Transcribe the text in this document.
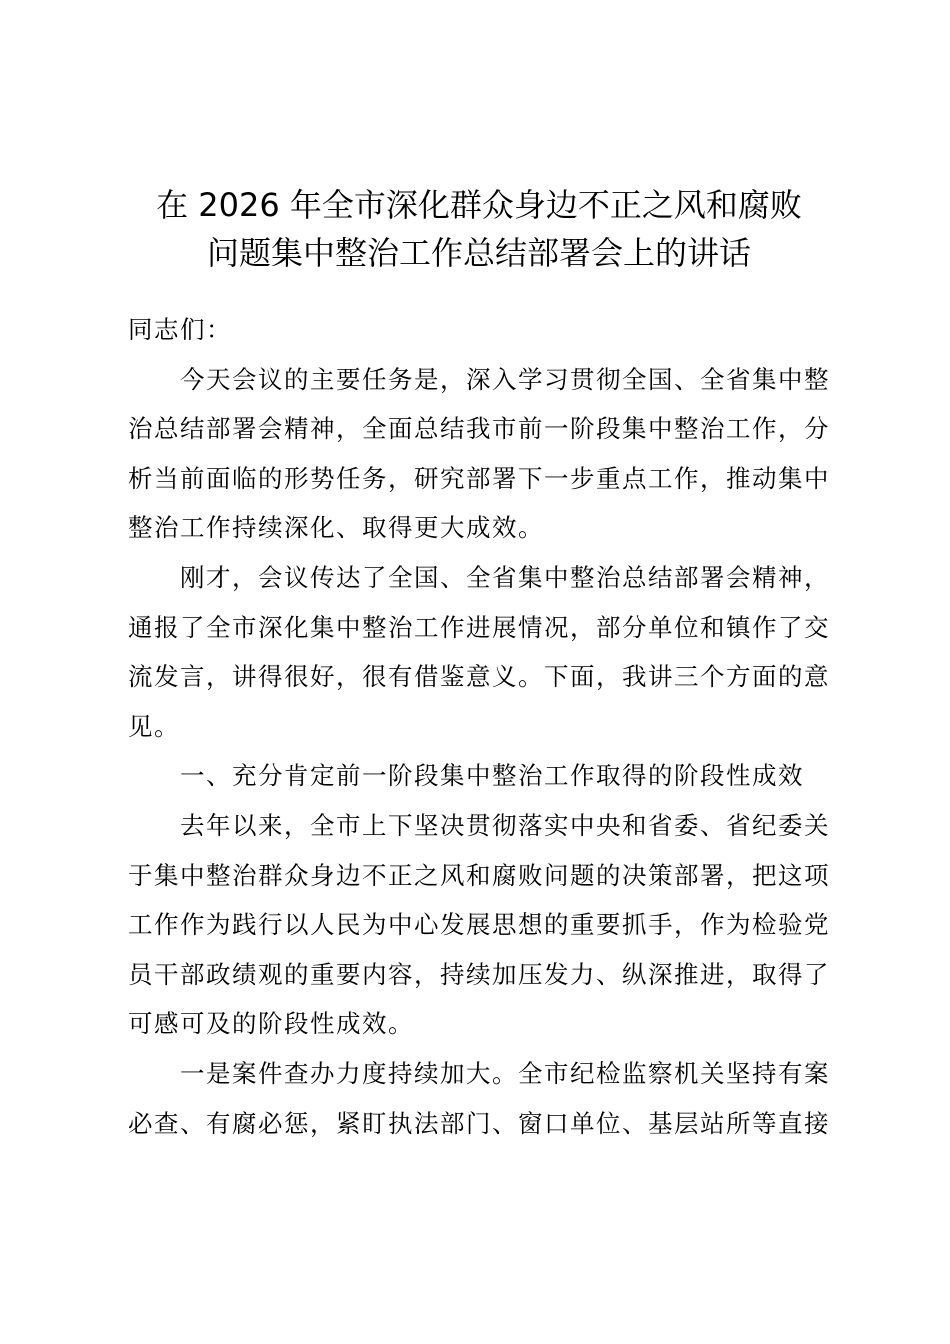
在 2026 年全市深化群众身边不正之风和腐败
问题集中整治工作总结部署会上的讲话

同志们：

今天会议的主要任务是，深入学习贯彻全国、全省集中整治总结部署会精神，全面总结我市前一阶段集中整治工作，分析当前面临的形势任务，研究部署下一步重点工作，推动集中整治工作持续深化、取得更大成效。

刚才，会议传达了全国、全省集中整治总结部署会精神，通报了全市深化集中整治工作进展情况，部分单位和镇作了交流发言，讲得很好，很有借鉴意义。下面，我讲三个方面的意见。

一、充分肯定前一阶段集中整治工作取得的阶段性成效

去年以来，全市上下坚决贯彻落实中央和省委、省纪委关于集中整治群众身边不正之风和腐败问题的决策部署，把这项工作作为践行以人民为中心发展思想的重要抓手，作为检验党员干部政绩观的重要内容，持续加压发力、纵深推进，取得了可感可及的阶段性成效。

一是案件查办力度持续加大。全市纪检监察机关坚持有案必查、有腐必惩，紧盯执法部门、窗口单位、基层站所等直接
